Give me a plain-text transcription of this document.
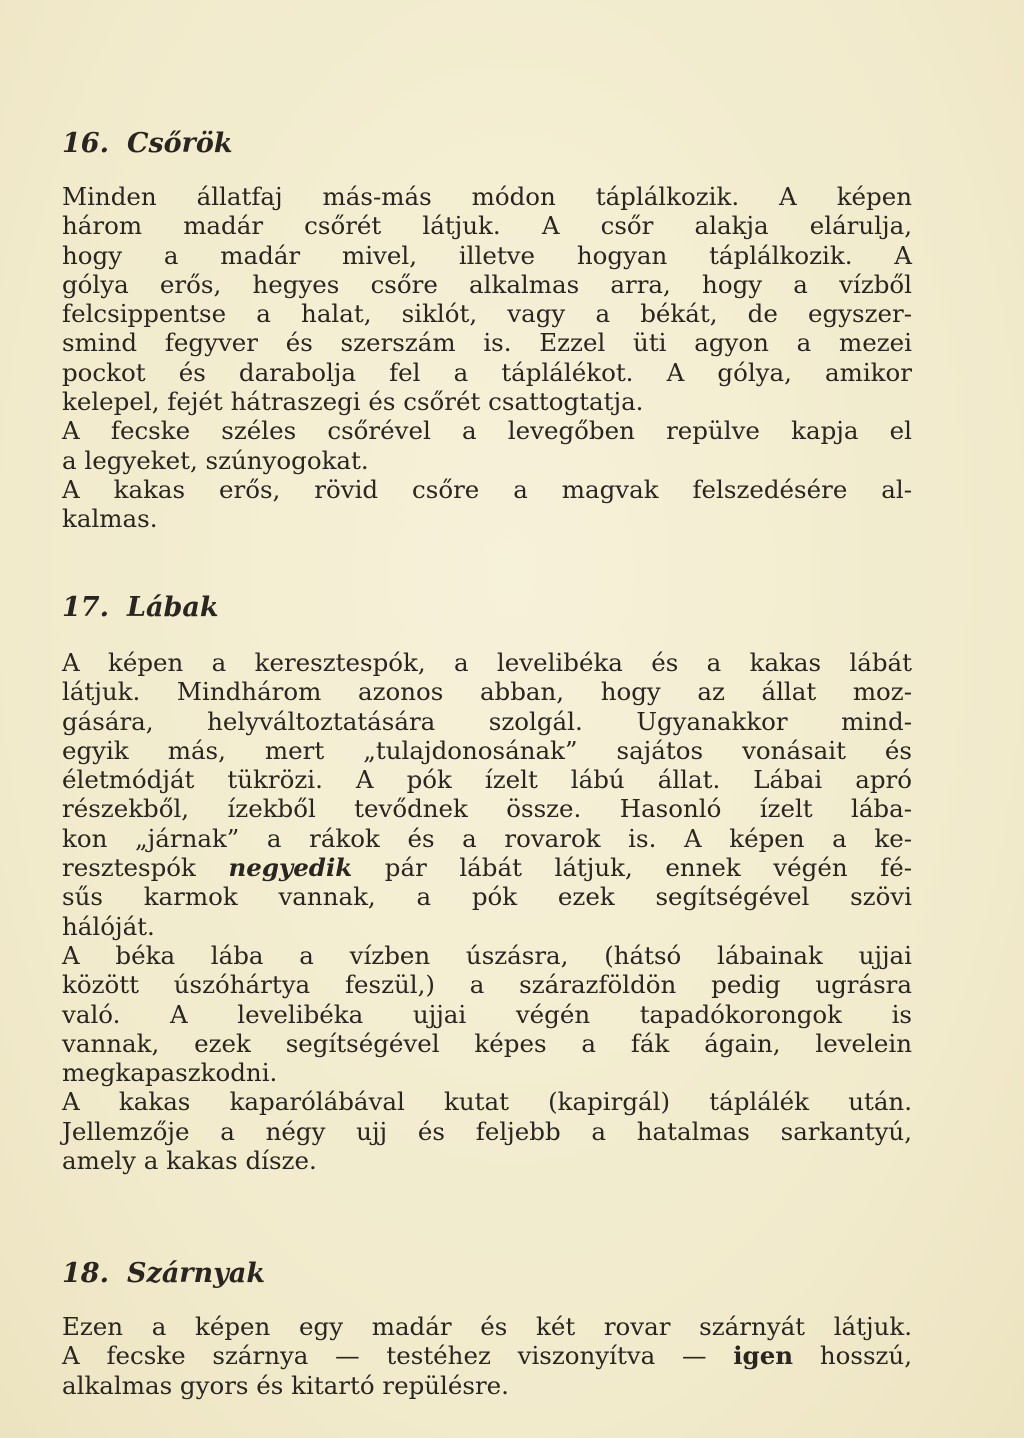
16. Csőrök
Minden állatfaj más-más módon táplálkozik. A képen
három madár csőrét látjuk. A csőr alakja elárulja,
hogy a madár mivel, illetve hogyan táplálkozik. A
gólya erős, hegyes csőre alkalmas arra, hogy a vízből
felcsippentse a halat, siklót, vagy a békát, de egyszer-
smind fegyver és szerszám is. Ezzel üti agyon a mezei
pockot és darabolja fel a táplálékot. A gólya, amikor
kelepel, fejét hátraszegi és csőrét csattogtatja.
A fecske széles csőrével a levegőben repülve kapja el
a legyeket, szúnyogokat.
A kakas erős, rövid csőre a magvak felszedésére al-
kalmas.
17. Lábak
A képen a keresztespók, a levelibéka és a kakas lábát
látjuk. Mindhárom azonos abban, hogy az állat moz-
gására, helyváltoztatására szolgál. Ugyanakkor mind-
egyik más, mert „tulajdonosának” sajátos vonásait és
életmódját tükrözi. A pók ízelt lábú állat. Lábai apró
részekből, ízekből tevődnek össze. Hasonló ízelt lába-
kon „járnak” a rákok és a rovarok is. A képen a ke-
resztespók negyedik pár lábát látjuk, ennek végén fé-
sűs karmok vannak, a pók ezek segítségével szövi
hálóját.
A béka lába a vízben úszásra, (hátsó lábainak ujjai
között úszóhártya feszül,) a szárazföldön pedig ugrásra
való. A levelibéka ujjai végén tapadókorongok is
vannak, ezek segítségével képes a fák ágain, levelein
megkapaszkodni.
A kakas kaparólábával kutat (kapirgál) táplálék után.
Jellemzője a négy ujj és feljebb a hatalmas sarkantyú,
amely a kakas dísze.
18. Szárnyak
Ezen a képen egy madár és két rovar szárnyát látjuk.
A fecske szárnya — testéhez viszonyítva — igen hosszú,
alkalmas gyors és kitartó repülésre.
